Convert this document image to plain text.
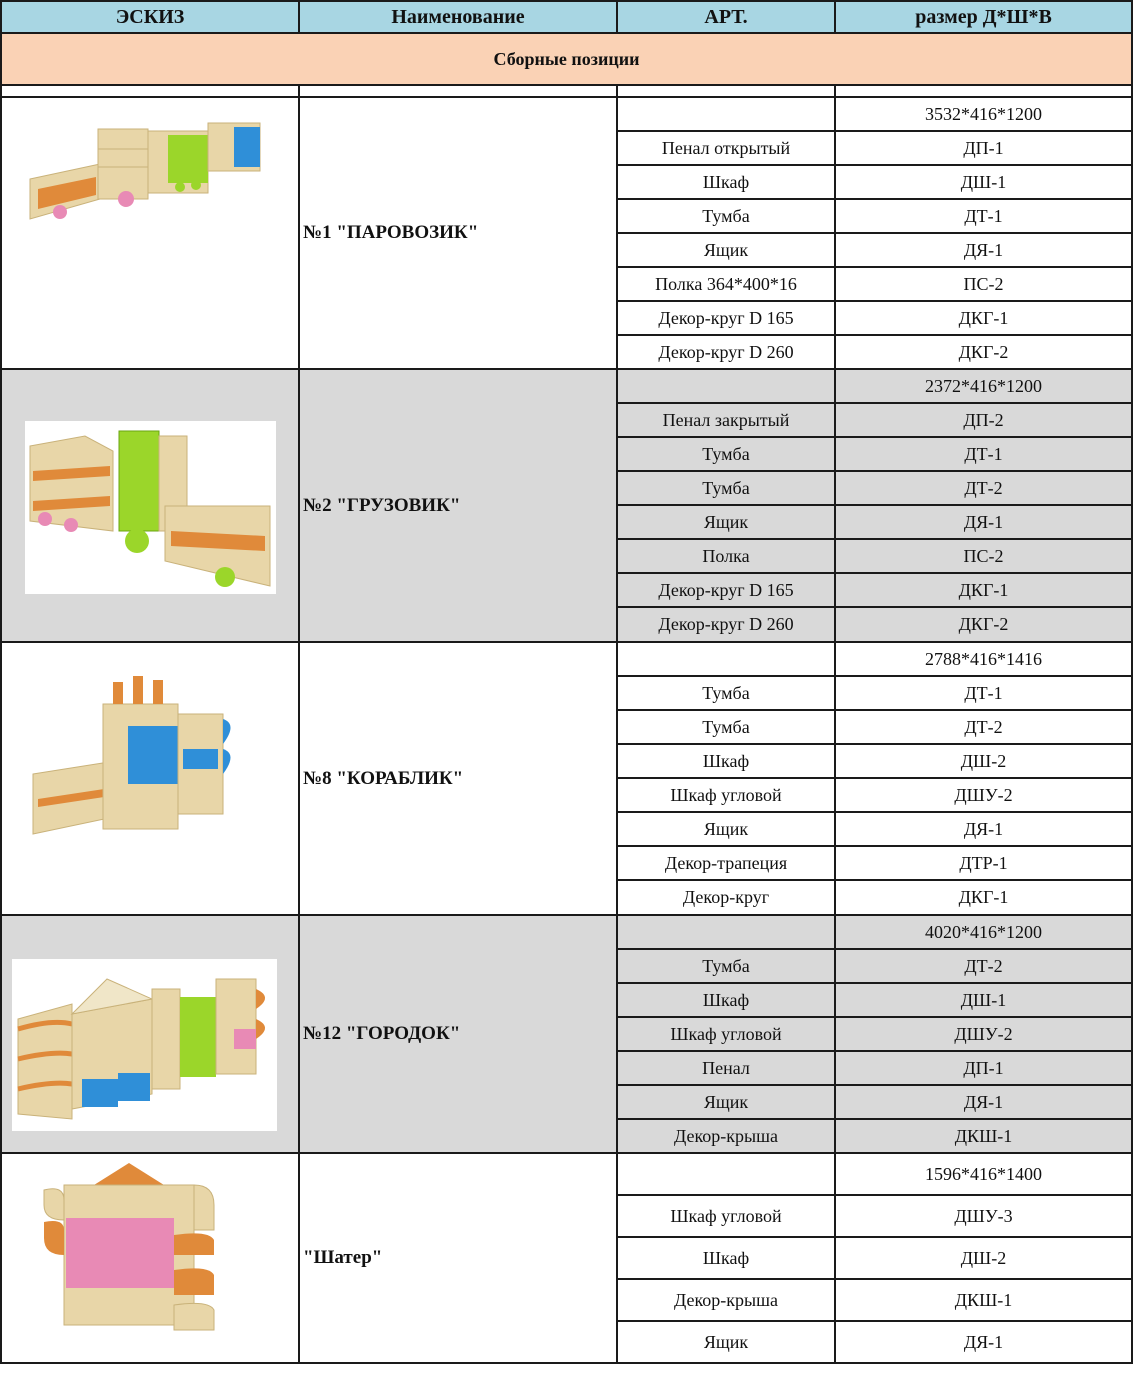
ЭСКИЗ	Наименование	АРТ.	размер Д*Ш*В
Сборные позиции			

	№1 "ПАРОВОЗИК"		3532*416*1200
		Пенал открытый	ДП-1
		Шкаф	ДШ-1
		Тумба	ДТ-1
		Ящик	ДЯ-1
		Полка 364*400*16	ПС-2
		Декор-круг D 165	ДКГ-1
		Декор-круг D 260	ДКГ-2

	№2 "ГРУЗОВИК"		2372*416*1200
		Пенал закрытый	ДП-2
		Тумба	ДТ-1
		Тумба	ДТ-2
		Ящик	ДЯ-1
		Полка	ПС-2
		Декор-круг D 165	ДКГ-1
		Декор-круг D 260	ДКГ-2

	№8 "КОРАБЛИК"		2788*416*1416
		Тумба	ДТ-1
		Тумба	ДТ-2
		Шкаф	ДШ-2
		Шкаф угловой	ДШУ-2
		Ящик	ДЯ-1
		Декор-трапеция	ДТР-1
		Декор-круг	ДКГ-1

	№12 "ГОРОДОК"		4020*416*1200
		Тумба	ДТ-2
		Шкаф	ДШ-1
		Шкаф угловой	ДШУ-2
		Пенал	ДП-1
		Ящик	ДЯ-1
		Декор-крыша	ДКШ-1

	"Шатер"		1596*416*1400
		Шкаф угловой	ДШУ-3
		Шкаф	ДШ-2
		Декор-крыша	ДКШ-1
		Ящик	ДЯ-1
